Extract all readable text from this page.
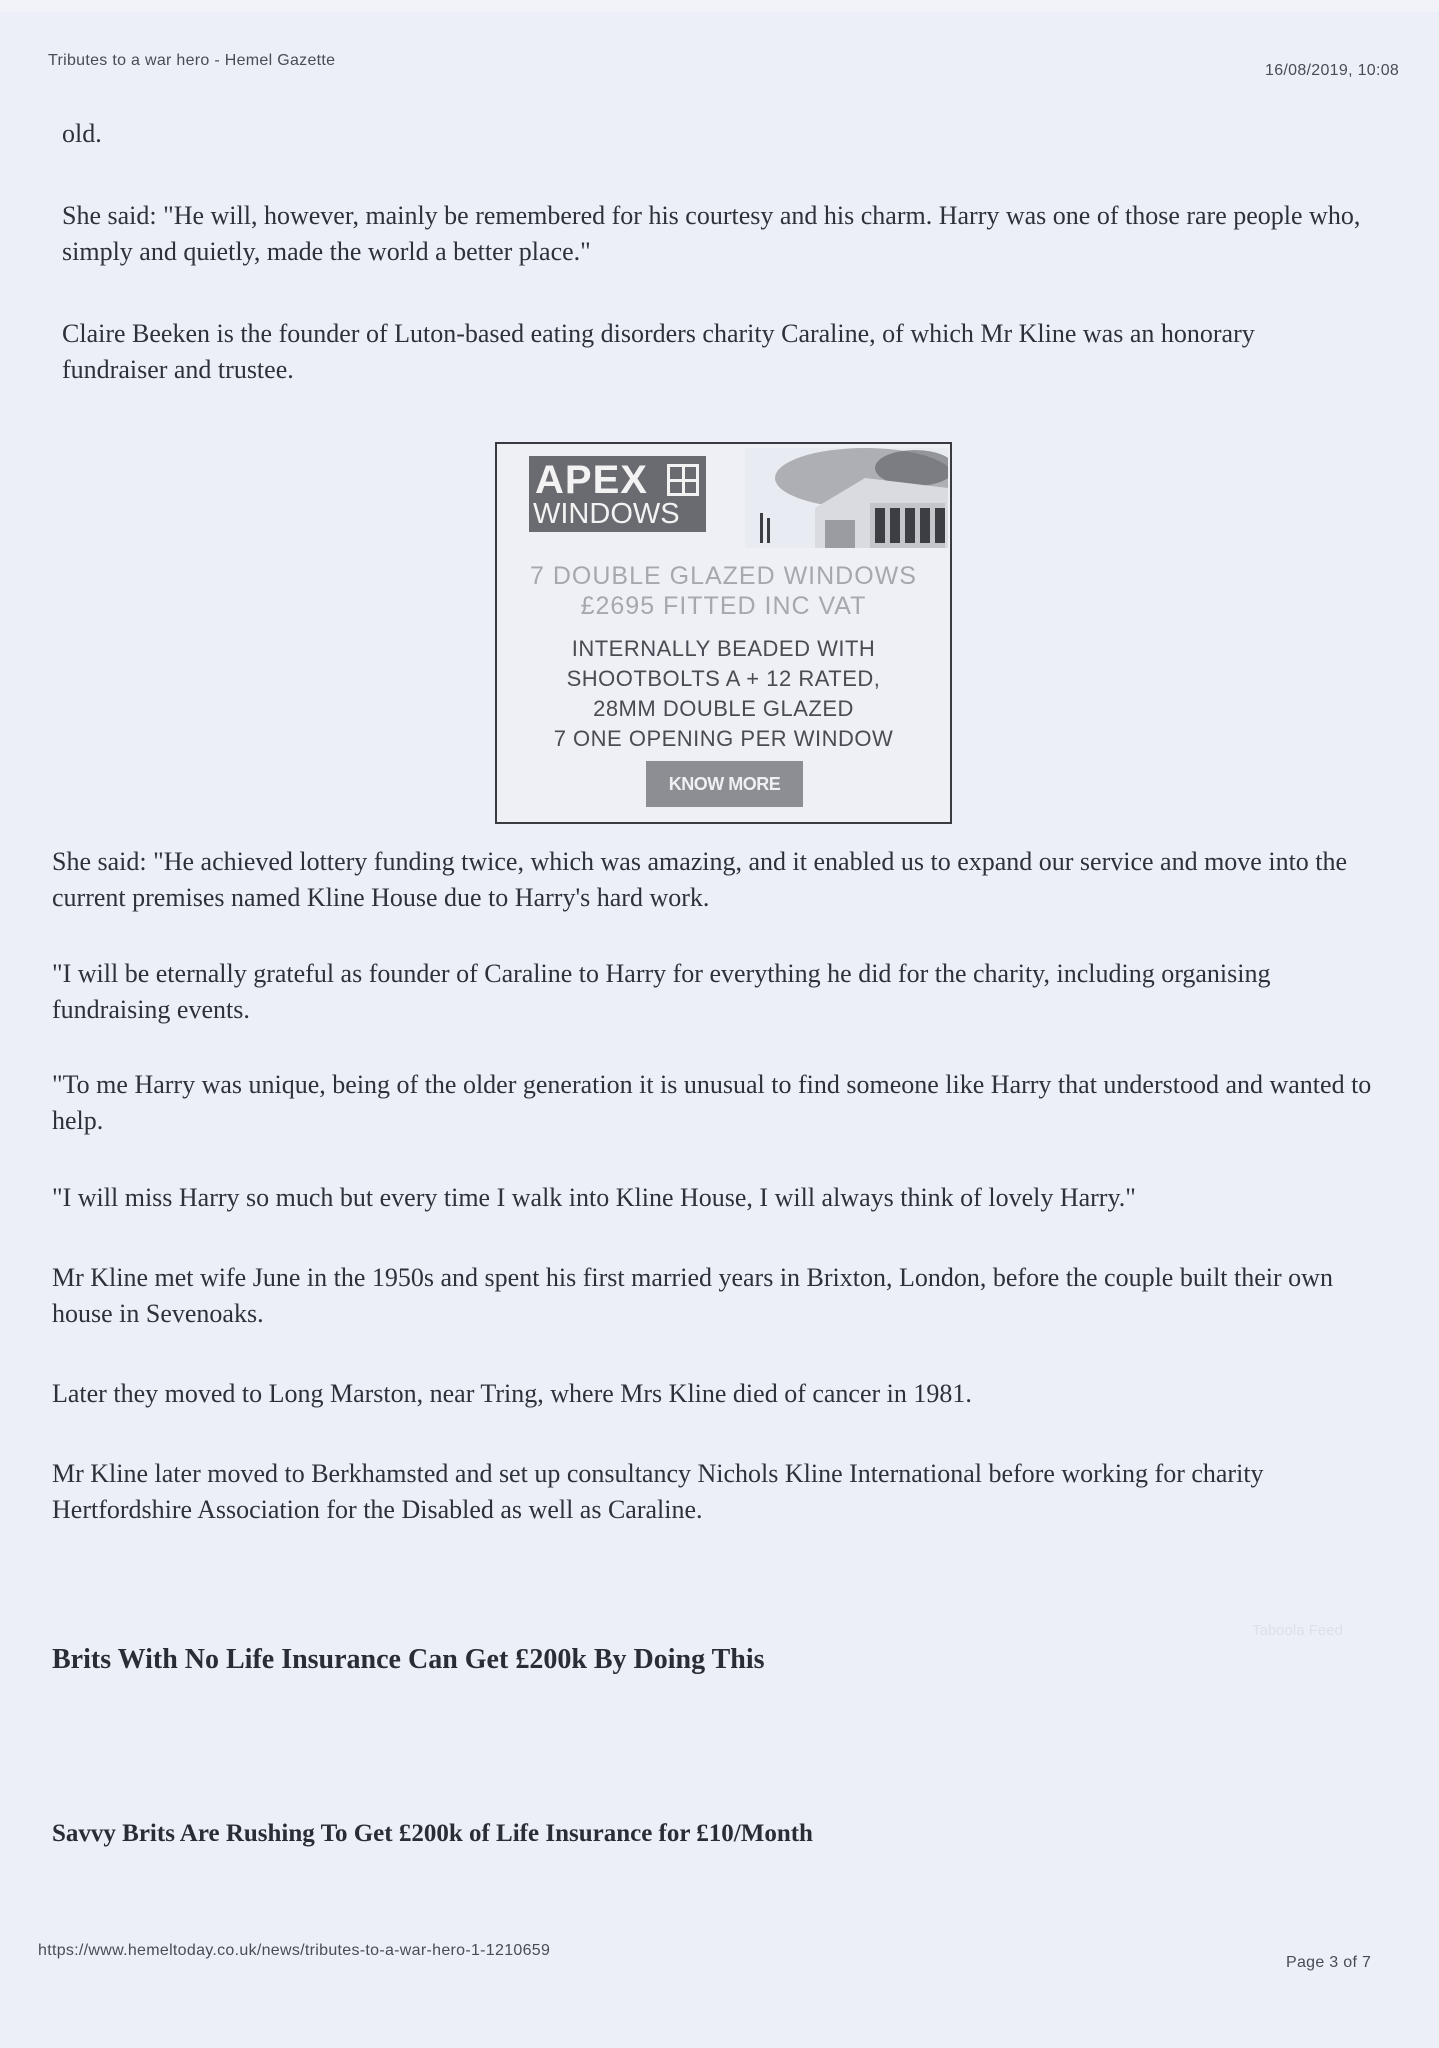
Tributes to a war hero - Hemel Gazette
16/08/2019, 10:08

old.

She said: "He will, however, mainly be remembered for his courtesy and his charm. Harry was one of those rare people who, simply and quietly, made the world a better place."

Claire Beeken is the founder of Luton-based eating disorders charity Caraline, of which Mr Kline was an honorary fundraiser and trustee.

APEX
WINDOWS
7 DOUBLE GLAZED WINDOWS
£2695 FITTED INC VAT
INTERNALLY BEADED WITH
SHOOTBOLTS A + 12 RATED,
28MM DOUBLE GLAZED
7 ONE OPENING PER WINDOW
KNOW MORE

She said: "He achieved lottery funding twice, which was amazing, and it enabled us to expand our service and move into the current premises named Kline House due to Harry's hard work.

"I will be eternally grateful as founder of Caraline to Harry for everything he did for the charity, including organising fundraising events.

"To me Harry was unique, being of the older generation it is unusual to find someone like Harry that understood and wanted to help.

"I will miss Harry so much but every time I walk into Kline House, I will always think of lovely Harry."

Mr Kline met wife June in the 1950s and spent his first married years in Brixton, London, before the couple built their own house in Sevenoaks.

Later they moved to Long Marston, near Tring, where Mrs Kline died of cancer in 1981.

Mr Kline later moved to Berkhamsted and set up consultancy Nichols Kline International before working for charity Hertfordshire Association for the Disabled as well as Caraline.

Taboola Feed

Brits With No Life Insurance Can Get £200k By Doing This

Savvy Brits Are Rushing To Get £200k of Life Insurance for £10/Month

https://www.hemeltoday.co.uk/news/tributes-to-a-war-hero-1-1210659
Page 3 of 7
